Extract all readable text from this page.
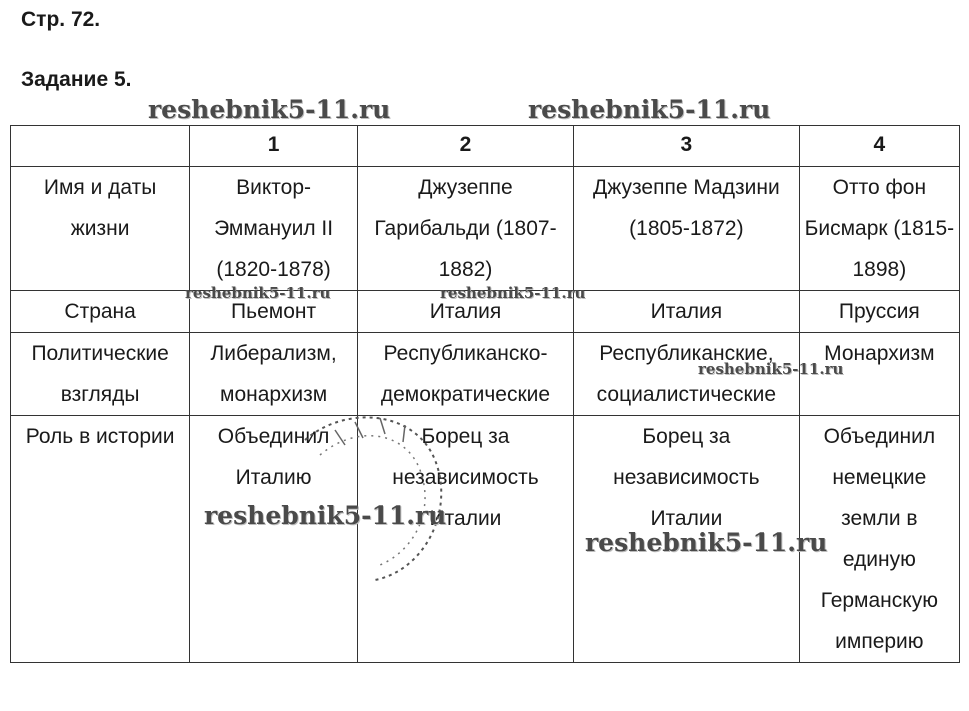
Стр. 72.
Задание 5.
	1	2	3	4
Имя и даты жизни	Виктор-Эммануил II (1820-1878)	Джузеппе Гарибальди (1807-1882)	Джузеппе Мадзини (1805-1872)	Отто фон Бисмарк (1815-1898)
Страна	Пьемонт	Италия	Италия	Пруссия
Политические взгляды	Либерализм, монархизм	Республиканско-демократические	Республиканские, социалистические	Монархизм
Роль в истории	Объединил Италию	Борец за независимость Италии	Борец за независимость Италии	Объединил немецкие земли в единую Германскую империю
reshebnik5-11.ru	reshebnik5-11.ru
reshebnik5-11.ru	reshebnik5-11.ru
reshebnik5-11.ru
reshebnik5-11.ru
reshebnik5-11.ru
